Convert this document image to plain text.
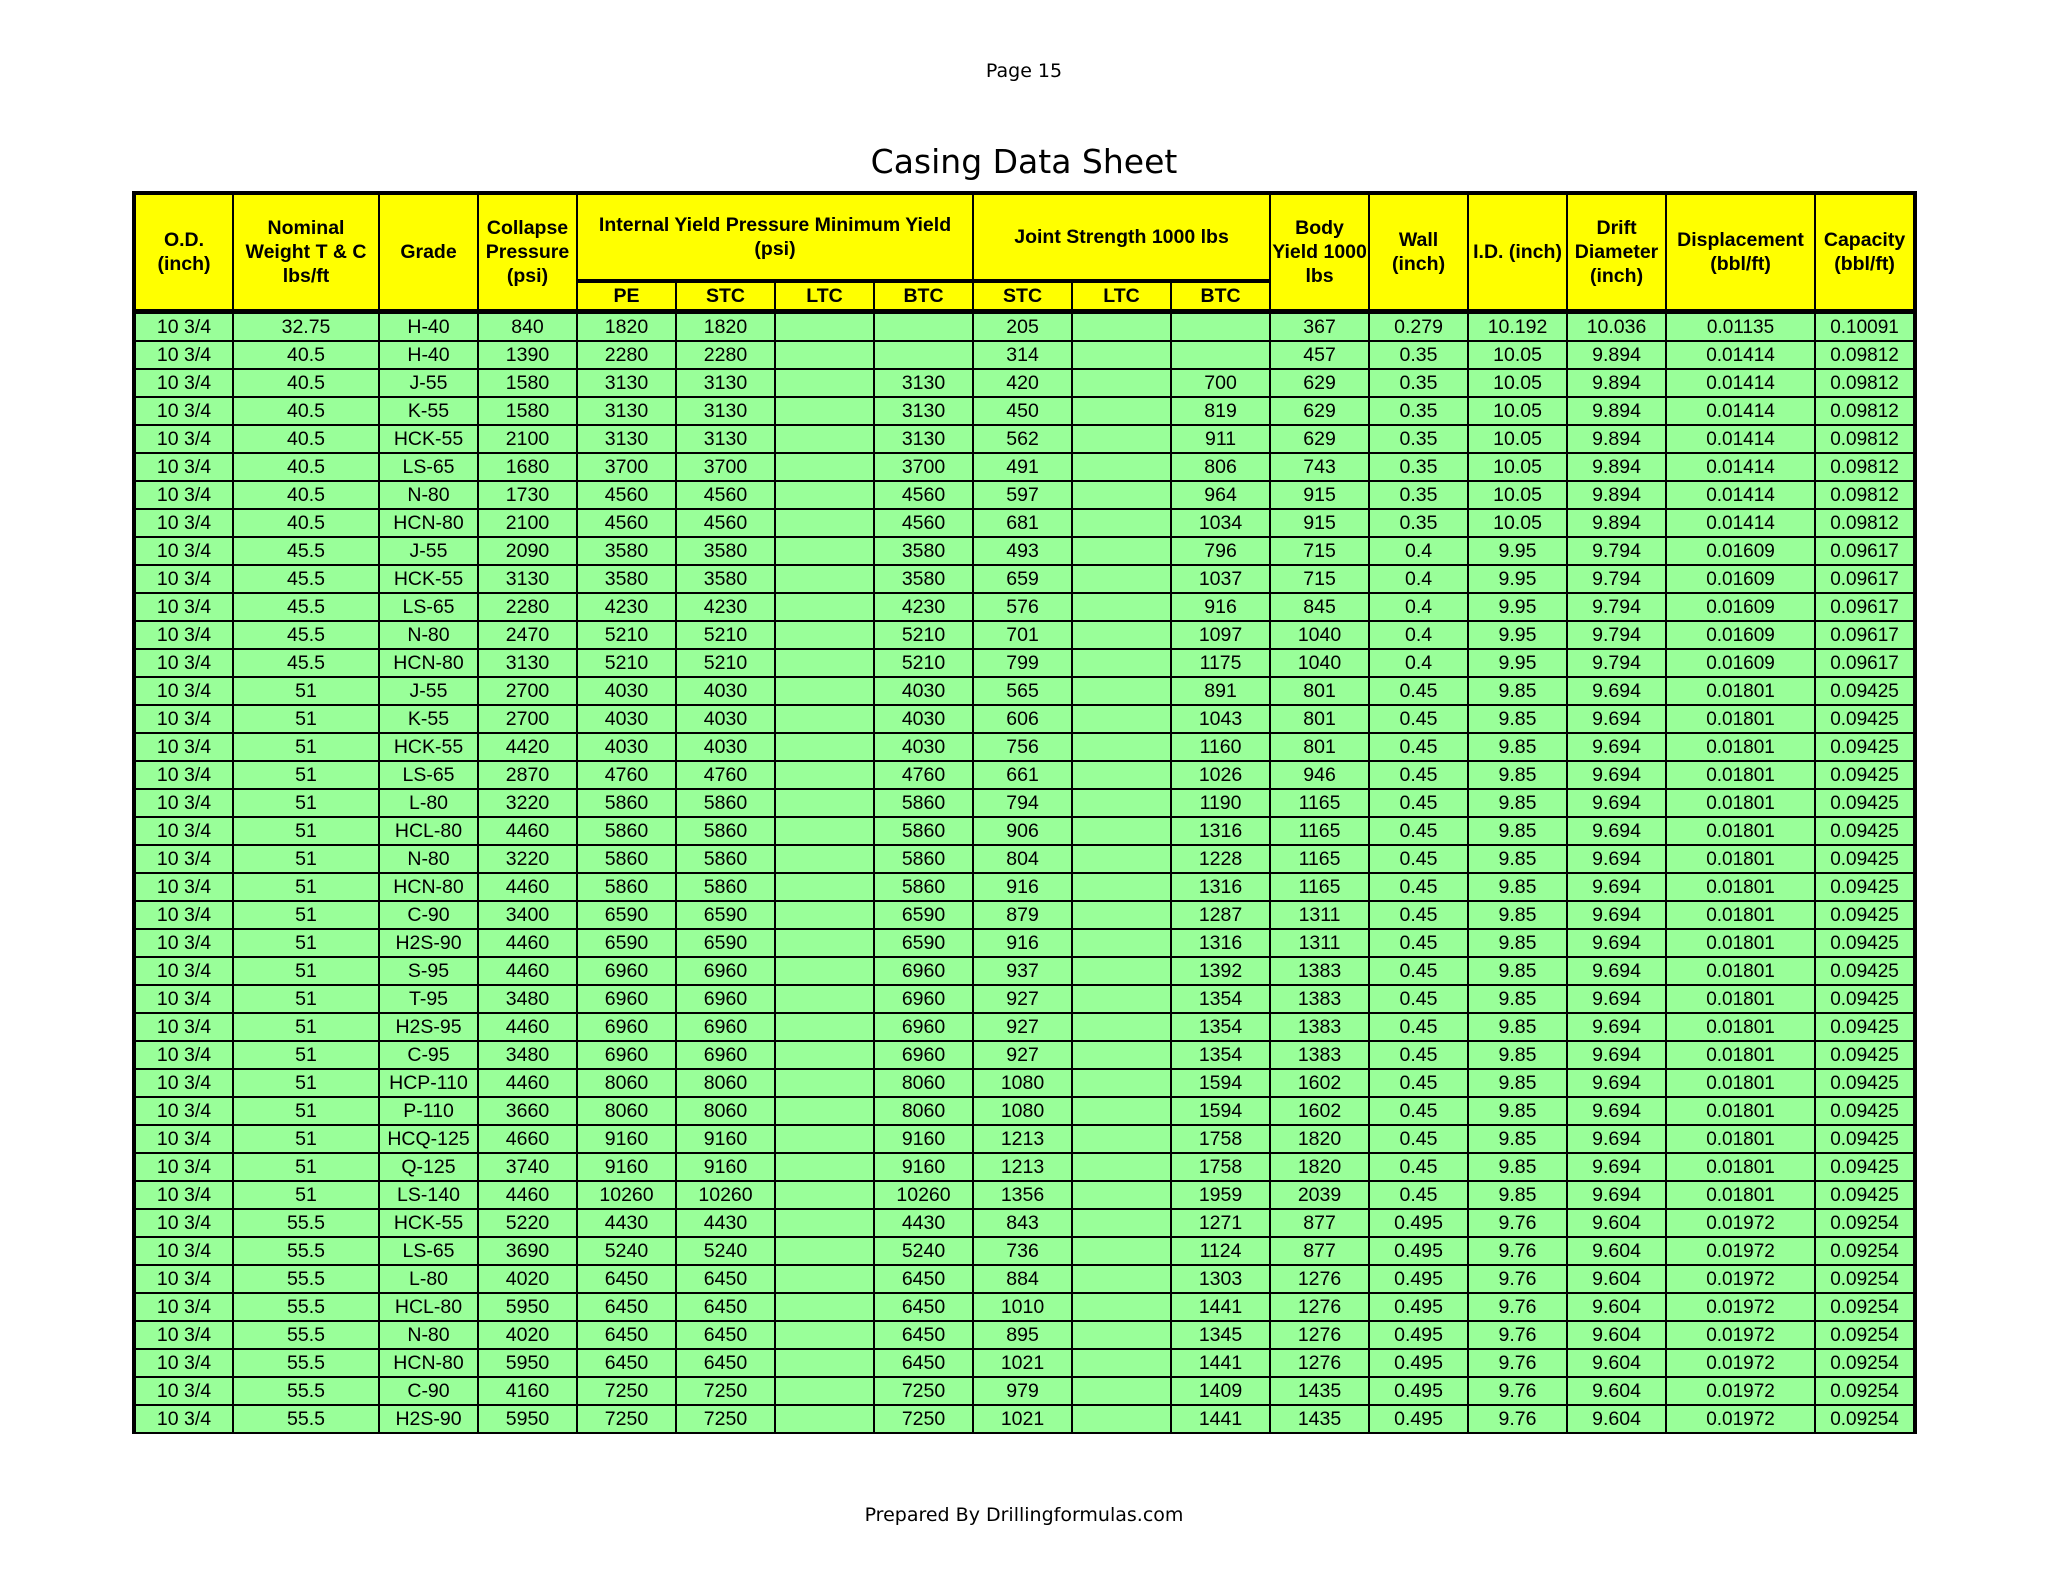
Page 15
Casing Data Sheet
O.D. (inch)	Nominal Weight T & C lbs/ft	Grade	Collapse Pressure (psi)	Internal Yield Pressure Minimum Yield (psi)				Joint Strength 1000 lbs			Body Yield 1000 lbs	Wall (inch)	I.D. (inch)	Drift Diameter (inch)	Displacement (bbl/ft)	Capacity (bbl/ft)
				PE	STC	LTC	BTC	STC	LTC	BTC						
10 3/4	32.75	H-40	840	1820	1820			205			367	0.279	10.192	10.036	0.01135	0.10091
10 3/4	40.5	H-40	1390	2280	2280			314			457	0.35	10.05	9.894	0.01414	0.09812
10 3/4	40.5	J-55	1580	3130	3130		3130	420		700	629	0.35	10.05	9.894	0.01414	0.09812
10 3/4	40.5	K-55	1580	3130	3130		3130	450		819	629	0.35	10.05	9.894	0.01414	0.09812
10 3/4	40.5	HCK-55	2100	3130	3130		3130	562		911	629	0.35	10.05	9.894	0.01414	0.09812
10 3/4	40.5	LS-65	1680	3700	3700		3700	491		806	743	0.35	10.05	9.894	0.01414	0.09812
10 3/4	40.5	N-80	1730	4560	4560		4560	597		964	915	0.35	10.05	9.894	0.01414	0.09812
10 3/4	40.5	HCN-80	2100	4560	4560		4560	681		1034	915	0.35	10.05	9.894	0.01414	0.09812
10 3/4	45.5	J-55	2090	3580	3580		3580	493		796	715	0.4	9.95	9.794	0.01609	0.09617
10 3/4	45.5	HCK-55	3130	3580	3580		3580	659		1037	715	0.4	9.95	9.794	0.01609	0.09617
10 3/4	45.5	LS-65	2280	4230	4230		4230	576		916	845	0.4	9.95	9.794	0.01609	0.09617
10 3/4	45.5	N-80	2470	5210	5210		5210	701		1097	1040	0.4	9.95	9.794	0.01609	0.09617
10 3/4	45.5	HCN-80	3130	5210	5210		5210	799		1175	1040	0.4	9.95	9.794	0.01609	0.09617
10 3/4	51	J-55	2700	4030	4030		4030	565		891	801	0.45	9.85	9.694	0.01801	0.09425
10 3/4	51	K-55	2700	4030	4030		4030	606		1043	801	0.45	9.85	9.694	0.01801	0.09425
10 3/4	51	HCK-55	4420	4030	4030		4030	756		1160	801	0.45	9.85	9.694	0.01801	0.09425
10 3/4	51	LS-65	2870	4760	4760		4760	661		1026	946	0.45	9.85	9.694	0.01801	0.09425
10 3/4	51	L-80	3220	5860	5860		5860	794		1190	1165	0.45	9.85	9.694	0.01801	0.09425
10 3/4	51	HCL-80	4460	5860	5860		5860	906		1316	1165	0.45	9.85	9.694	0.01801	0.09425
10 3/4	51	N-80	3220	5860	5860		5860	804		1228	1165	0.45	9.85	9.694	0.01801	0.09425
10 3/4	51	HCN-80	4460	5860	5860		5860	916		1316	1165	0.45	9.85	9.694	0.01801	0.09425
10 3/4	51	C-90	3400	6590	6590		6590	879		1287	1311	0.45	9.85	9.694	0.01801	0.09425
10 3/4	51	H2S-90	4460	6590	6590		6590	916		1316	1311	0.45	9.85	9.694	0.01801	0.09425
10 3/4	51	S-95	4460	6960	6960		6960	937		1392	1383	0.45	9.85	9.694	0.01801	0.09425
10 3/4	51	T-95	3480	6960	6960		6960	927		1354	1383	0.45	9.85	9.694	0.01801	0.09425
10 3/4	51	H2S-95	4460	6960	6960		6960	927		1354	1383	0.45	9.85	9.694	0.01801	0.09425
10 3/4	51	C-95	3480	6960	6960		6960	927		1354	1383	0.45	9.85	9.694	0.01801	0.09425
10 3/4	51	HCP-110	4460	8060	8060		8060	1080		1594	1602	0.45	9.85	9.694	0.01801	0.09425
10 3/4	51	P-110	3660	8060	8060		8060	1080		1594	1602	0.45	9.85	9.694	0.01801	0.09425
10 3/4	51	HCQ-125	4660	9160	9160		9160	1213		1758	1820	0.45	9.85	9.694	0.01801	0.09425
10 3/4	51	Q-125	3740	9160	9160		9160	1213		1758	1820	0.45	9.85	9.694	0.01801	0.09425
10 3/4	51	LS-140	4460	10260	10260		10260	1356		1959	2039	0.45	9.85	9.694	0.01801	0.09425
10 3/4	55.5	HCK-55	5220	4430	4430		4430	843		1271	877	0.495	9.76	9.604	0.01972	0.09254
10 3/4	55.5	LS-65	3690	5240	5240		5240	736		1124	877	0.495	9.76	9.604	0.01972	0.09254
10 3/4	55.5	L-80	4020	6450	6450		6450	884		1303	1276	0.495	9.76	9.604	0.01972	0.09254
10 3/4	55.5	HCL-80	5950	6450	6450		6450	1010		1441	1276	0.495	9.76	9.604	0.01972	0.09254
10 3/4	55.5	N-80	4020	6450	6450		6450	895		1345	1276	0.495	9.76	9.604	0.01972	0.09254
10 3/4	55.5	HCN-80	5950	6450	6450		6450	1021		1441	1276	0.495	9.76	9.604	0.01972	0.09254
10 3/4	55.5	C-90	4160	7250	7250		7250	979		1409	1435	0.495	9.76	9.604	0.01972	0.09254
10 3/4	55.5	H2S-90	5950	7250	7250		7250	1021		1441	1435	0.495	9.76	9.604	0.01972	0.09254
Prepared By Drillingformulas.com
